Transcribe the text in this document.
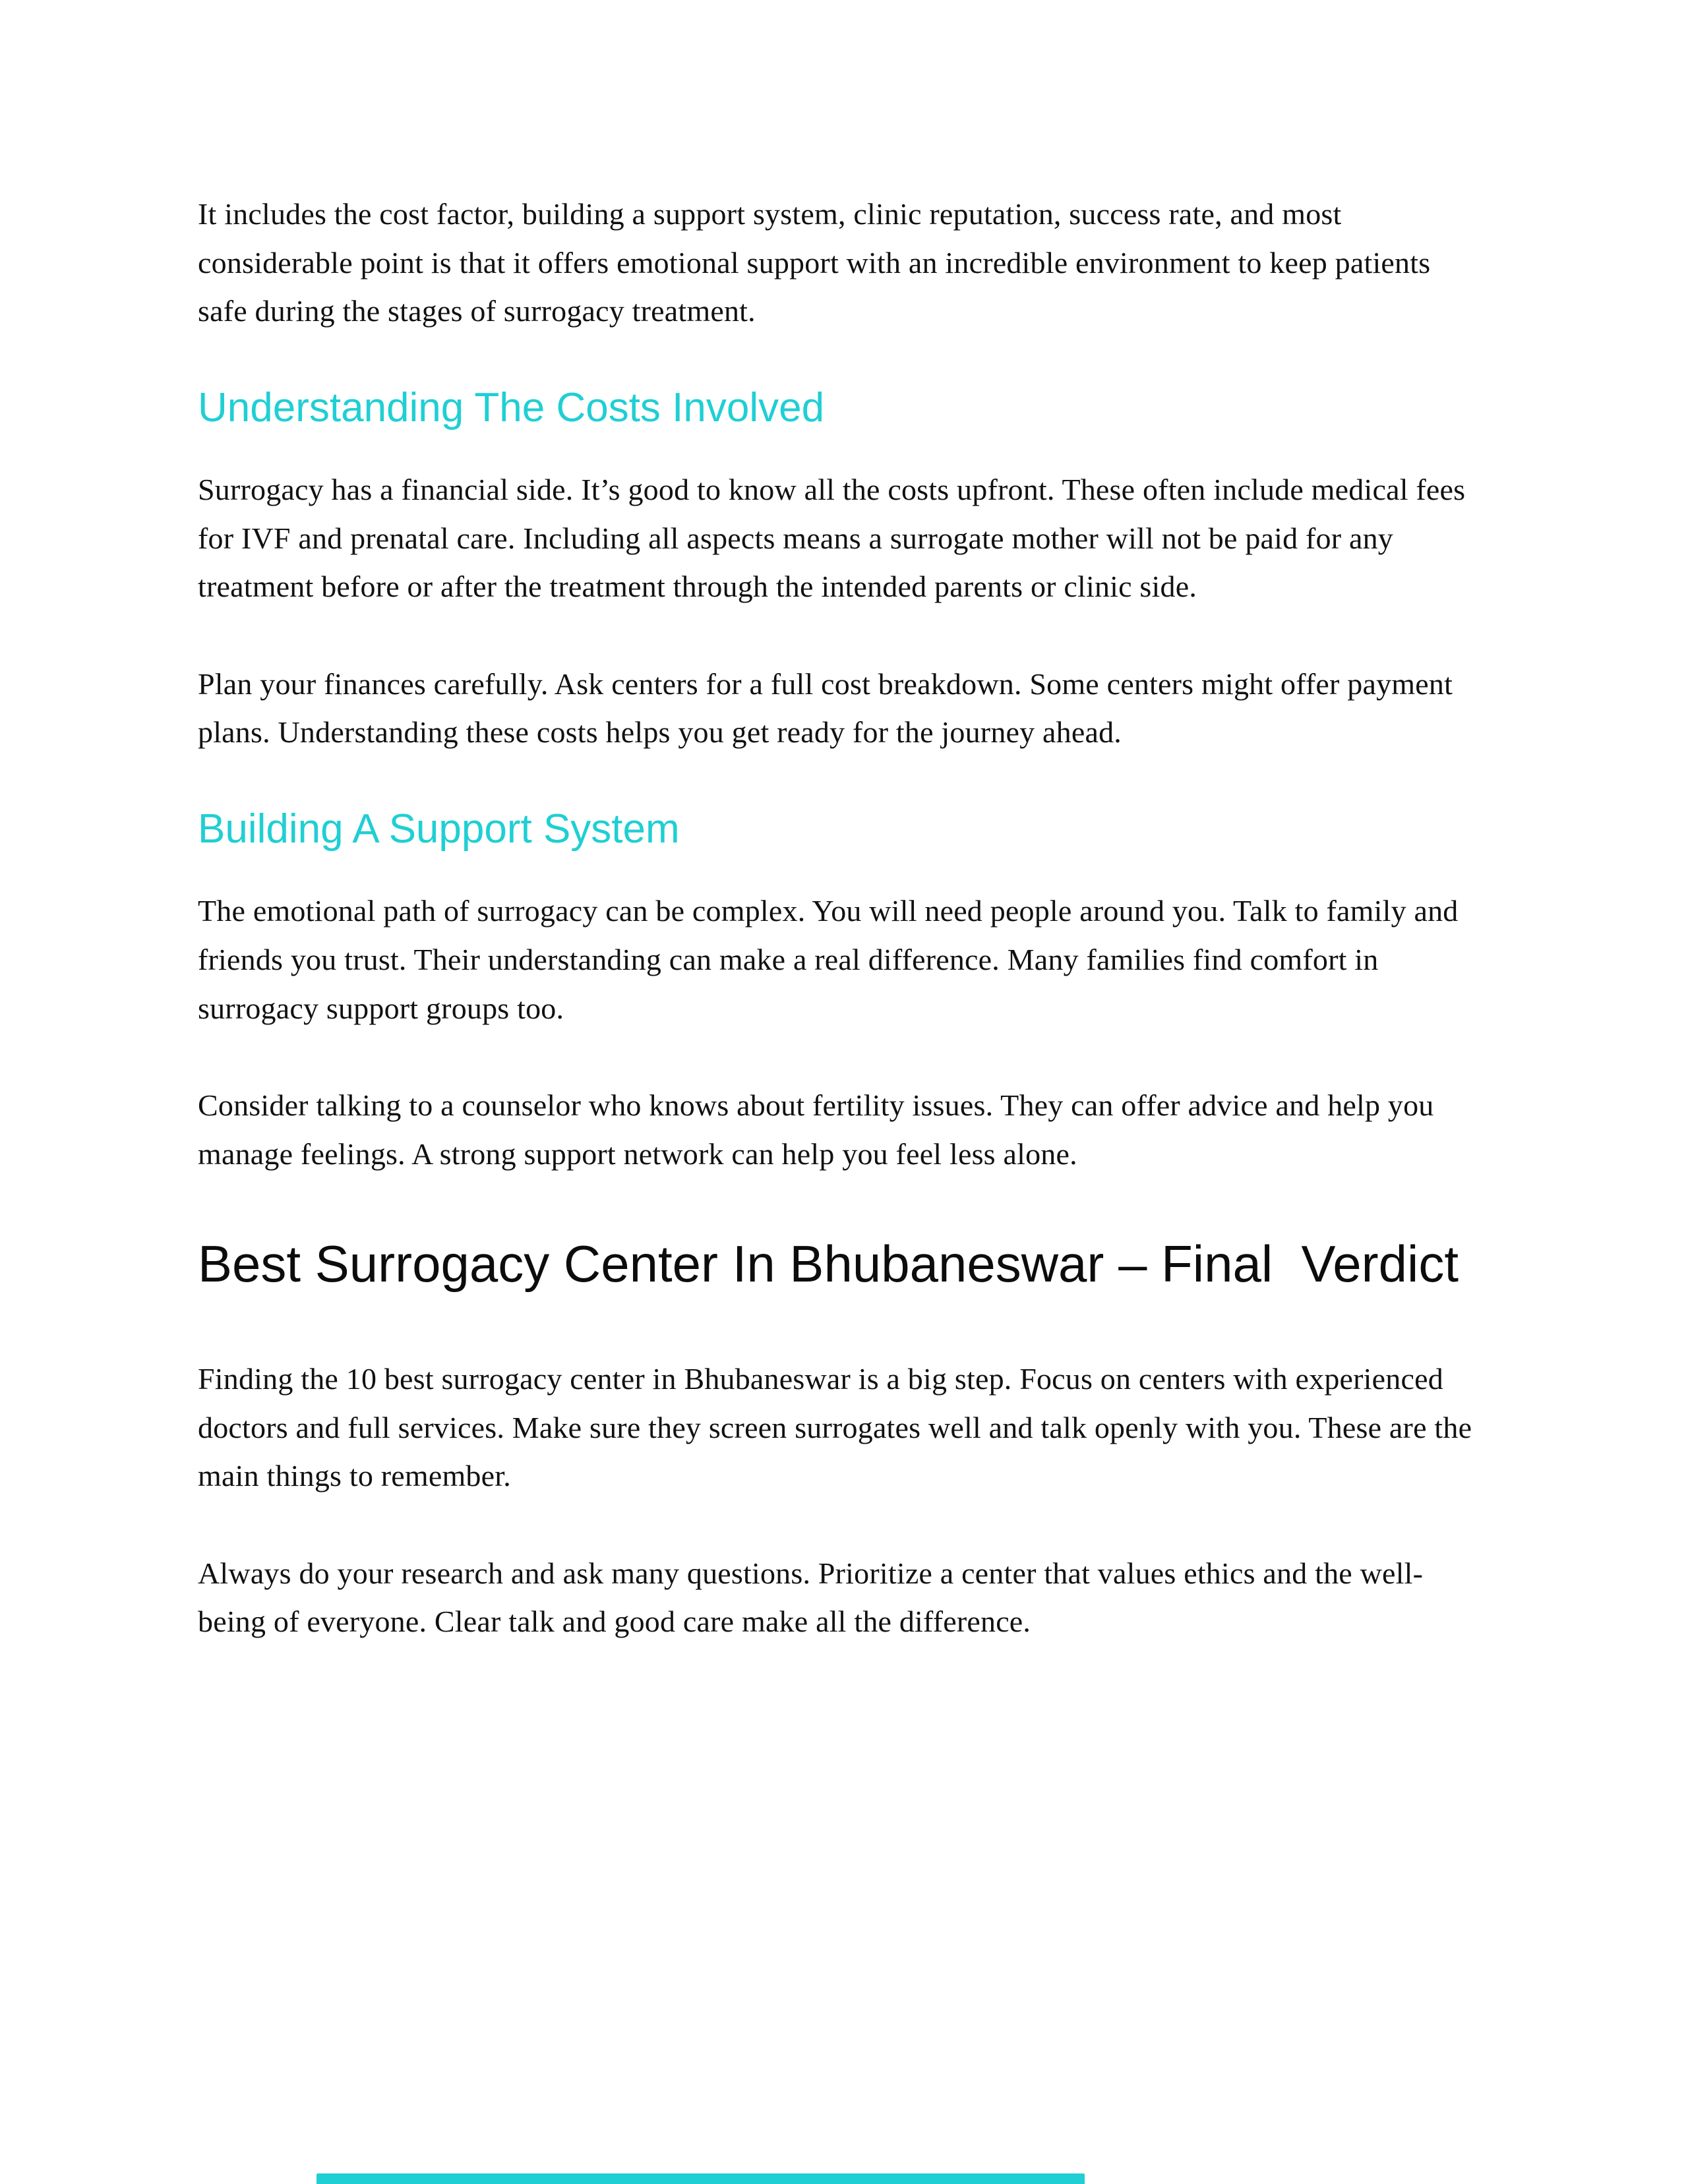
It includes the cost factor, building a support system, clinic reputation, success rate, and most considerable point is that it offers emotional support with an incredible environment to keep patients safe during the stages of surrogacy treatment.

Understanding The Costs Involved

Surrogacy has a financial side. It’s good to know all the costs upfront. These often include medical fees for IVF and prenatal care. Including all aspects means a surrogate mother will not be paid for any treatment before or after the treatment through the intended parents or clinic side.

Plan your finances carefully. Ask centers for a full cost breakdown. Some centers might offer payment plans. Understanding these costs helps you get ready for the journey ahead.

Building A Support System

The emotional path of surrogacy can be complex. You will need people around you. Talk to family and friends you trust. Their understanding can make a real difference. Many families find comfort in surrogacy support groups too.

Consider talking to a counselor who knows about fertility issues. They can offer advice and help you manage feelings. A strong support network can help you feel less alone.

Best Surrogacy Center In Bhubaneswar – Final  Verdict

Finding the 10 best surrogacy center in Bhubaneswar is a big step. Focus on centers with experienced doctors and full services. Make sure they screen surrogates well and talk openly with you. These are the main things to remember.

Always do your research and ask many questions. Prioritize a center that values ethics and the well-being of everyone. Clear talk and good care make all the difference.
